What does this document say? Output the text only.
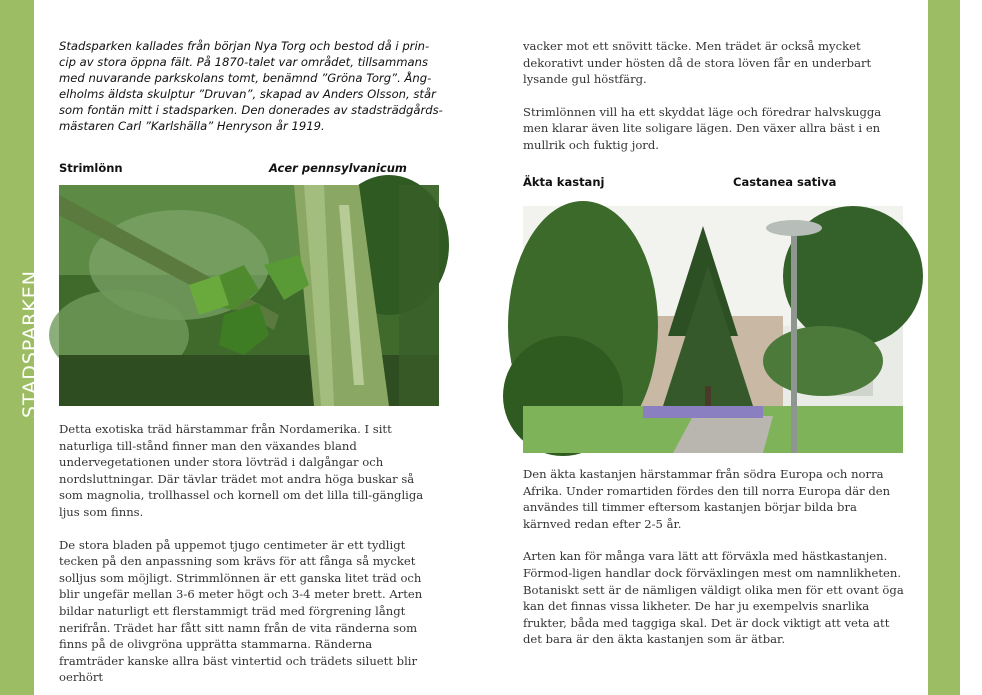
STADSPARKEN	STADSPARKEN

Stadsparken kallades från början Nya Torg och bestod då i prin-
cip av stora öppna fält. På 1870-talet var området, tillsammans
med nuvarande parkskolans tomt, benämnd ”Gröna Torg”. Ång-
elholms äldsta skulptur ”Druvan”, skapad av Anders Olsson, står
som fontän mitt i stadsparken. Den donerades av stadsträdgårds-
mästaren Carl ”Karlshälla” Henryson år 1919.

Strimlönn	Acer pennsylvanicum

Detta exotiska träd härstammar från Nordamerika. I sitt naturliga till-stånd finner man den växandes bland undervegetationen under stora lövträd i dalgångar och nordsluttningar. Där tävlar trädet mot andra höga buskar så som magnolia, trollhassel och kornell om det lilla till-gängliga ljus som finns.

De stora bladen på uppemot tjugo centimeter är ett tydligt tecken på den anpassning som krävs för att fånga så mycket solljus som möjligt. Strimmlönnen är ett ganska litet träd och blir ungefär mellan 3-6 meter högt och 3-4 meter brett. Arten bildar naturligt ett flerstammigt träd med förgrening långt nerifrån. Trädet har fått sitt namn från de vita ränderna som finns på de olivgröna upprätta stammarna. Ränderna framträder kanske allra bäst vintertid och trädets siluett blir oerhört

vacker mot ett snövitt täcke. Men trädet är också mycket dekorativt under hösten då de stora löven får en underbart lysande gul höstfärg.

Strimlönnen vill ha ett skyddat läge och föredrar halvskugga men klarar även lite soligare lägen. Den växer allra bäst i en mullrik och fuktig jord.

Äkta kastanj	Castanea sativa

Den äkta kastanjen härstammar från södra Europa och norra Afrika. Under romartiden fördes den till norra Europa där den användes till timmer eftersom kastanjen börjar bilda bra kärnved redan efter 2-5 år.

Arten kan för många vara lätt att förväxla med hästkastanjen. Förmod-ligen handlar dock förväxlingen mest om namnlikheten. Botaniskt sett är de nämligen väldigt olika men för ett ovant öga kan det finnas vissa likheter. De har ju exempelvis snarlika frukter, båda med taggiga skal. Det är dock viktigt att veta att det bara är den äkta kastanjen som är ätbar.
